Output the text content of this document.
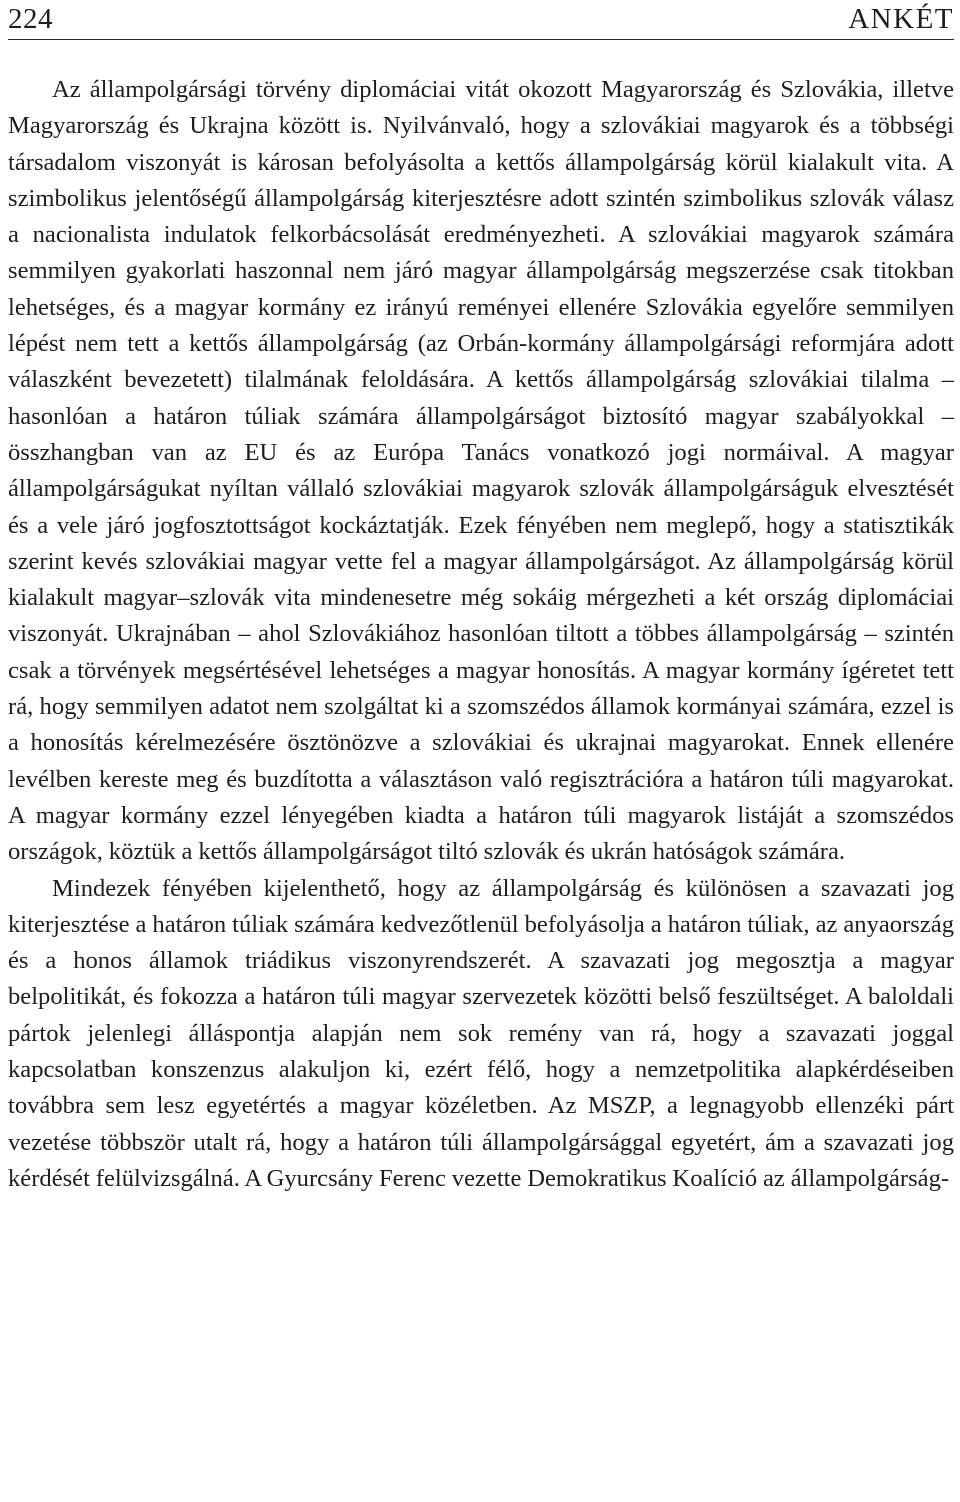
224	ANKÉT

Az állampolgársági törvény diplomáciai vitát okozott Magyarország és Szlovákia, illetve Magyarország és Ukrajna között is. Nyilvánvaló, hogy a szlovákiai magyarok és a többségi társadalom viszonyát is károsan befolyásolta a kettős állampolgárság körül kialakult vita. A szimbolikus jelentőségű állampolgárság kiterjesztésre adott szintén szimbolikus szlovák válasz a nacionalista indulatok felkorbácsolását eredményezheti. A szlovákiai magyarok számára semmilyen gyakorlati haszonnal nem járó magyar állampolgárság megszerzése csak titokban lehetséges, és a magyar kormány ez irányú reményei ellenére Szlovákia egyelőre semmilyen lépést nem tett a kettős állampolgárság (az Orbán-kormány állampolgársági reformjára adott válaszként bevezetett) tilalmának feloldására. A kettős állampolgárság szlovákiai tilalma – hasonlóan a határon túliak számára állampolgárságot biztosító magyar szabályokkal – összhangban van az EU és az Európa Tanács vonatkozó jogi normáival. A magyar állampolgárságukat nyíltan vállaló szlovákiai magyarok szlovák állampolgárságuk elvesztését és a vele járó jogfosztottságot kockáztatják. Ezek fényében nem meglepő, hogy a statisztikák szerint kevés szlovákiai magyar vette fel a magyar állampolgárságot. Az állampolgárság körül kialakult magyar–szlovák vita mindenesetre még sokáig mérgezheti a két ország diplomáciai viszonyát. Ukrajnában – ahol Szlovákiához hasonlóan tiltott a többes állampolgárság – szintén csak a törvények megsértésével lehetséges a magyar honosítás. A magyar kormány ígéretet tett rá, hogy semmilyen adatot nem szolgáltat ki a szomszédos államok kormányai számára, ezzel is a honosítás kérelmezésére ösztönözve a szlovákiai és ukrajnai magyarokat. Ennek ellenére levélben kereste meg és buzdította a választáson való regisztrációra a határon túli magyarokat. A magyar kormány ezzel lényegében kiadta a határon túli magyarok listáját a szomszédos országok, köztük a kettős állampolgárságot tiltó szlovák és ukrán hatóságok számára.

Mindezek fényében kijelenthető, hogy az állampolgárság és különösen a szavazati jog kiterjesztése a határon túliak számára kedvezőtlenül befolyásolja a határon túliak, az anyaország és a honos államok triádikus viszonyrendszerét. A szavazati jog megosztja a magyar belpolitikát, és fokozza a határon túli magyar szervezetek közötti belső feszültséget. A baloldali pártok jelenlegi álláspontja alapján nem sok remény van rá, hogy a szavazati joggal kapcsolatban konszenzus alakuljon ki, ezért félő, hogy a nemzetpolitika alapkérdéseiben továbbra sem lesz egyetértés a magyar közéletben. Az MSZP, a legnagyobb ellenzéki párt vezetése többször utalt rá, hogy a határon túli állampolgársággal egyetért, ám a szavazati jog kérdését felülvizsgálná. A Gyurcsány Ferenc vezette Demokratikus Koalíció az állampolgárság-
